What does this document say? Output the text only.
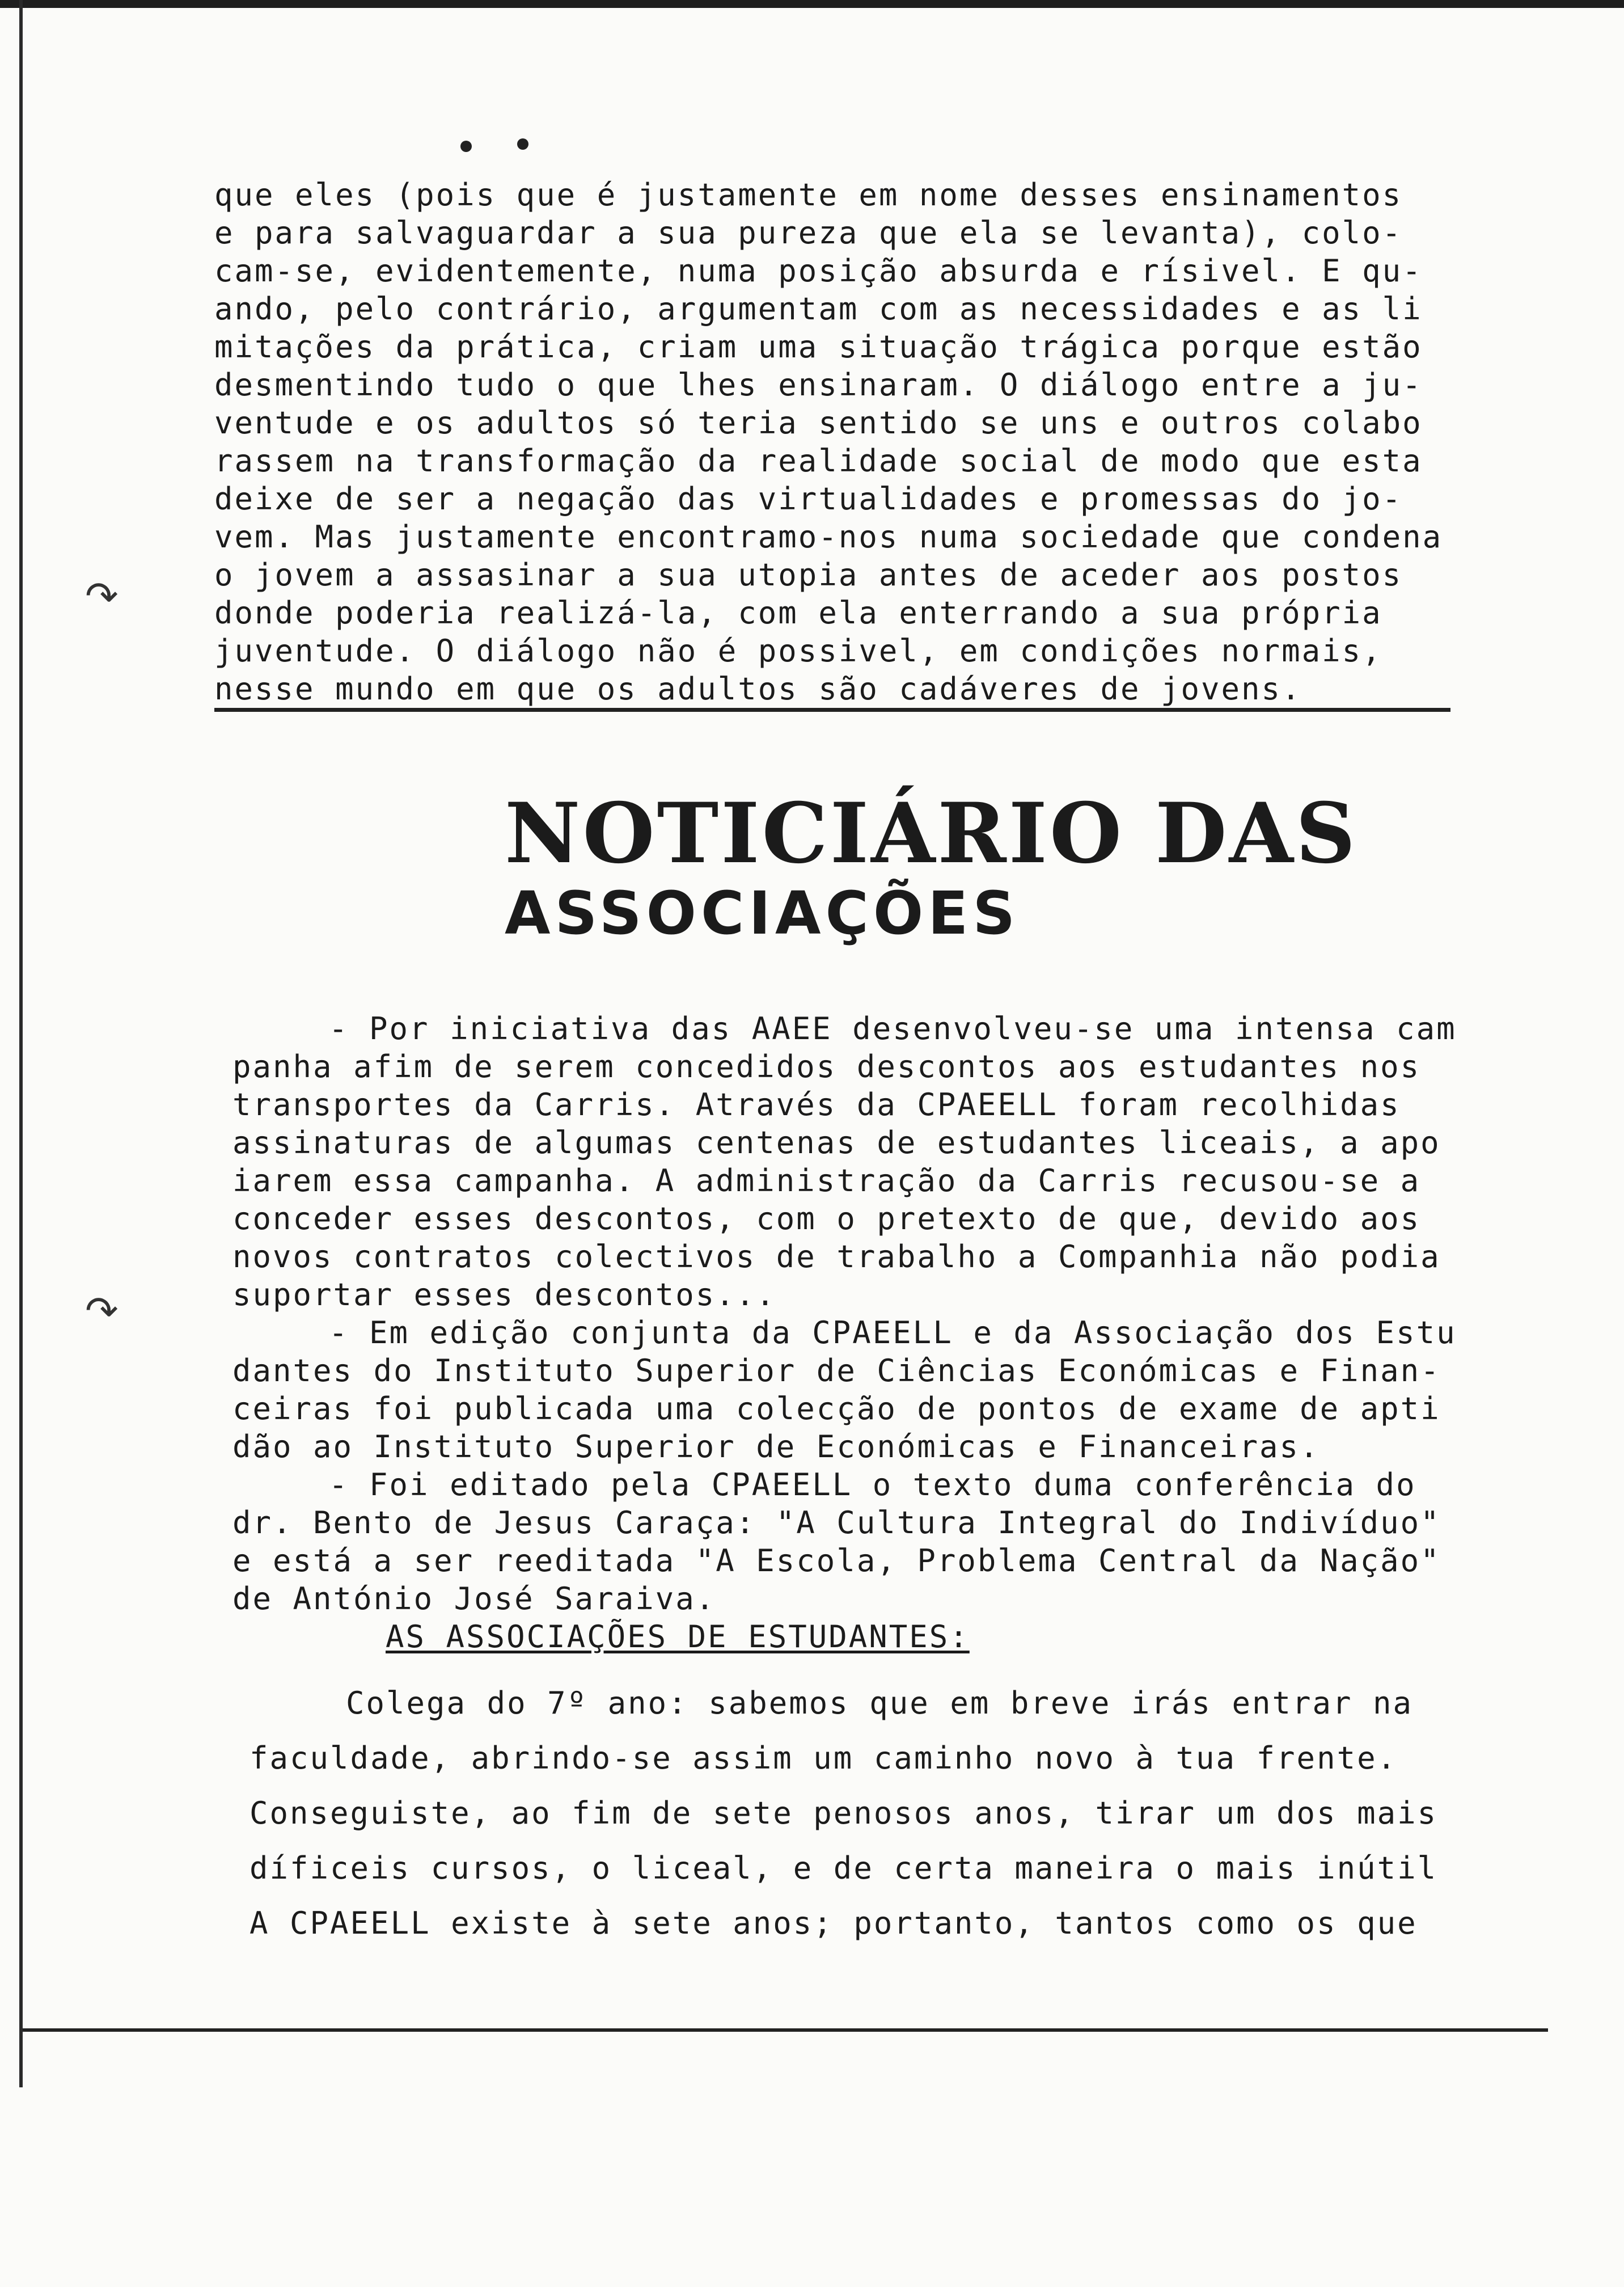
↷
↷
que eles (pois que é justamente em nome desses ensinamentos
e para salvaguardar a sua pureza que ela se levanta), colo-
cam-se, evidentemente, numa posição absurda e rísivel. E qu-
ando, pelo contrário, argumentam com as necessidades e as li
mitações da prática, criam uma situação trágica porque estão
desmentindo tudo o que lhes ensinaram. O diálogo entre a ju-
ventude e os adultos só teria sentido se uns e outros colabo
rassem na transformação da realidade social de modo que esta
deixe de ser a negação das virtualidades e promessas do jo-
vem. Mas justamente encontramo-nos numa sociedade que condena
o jovem a assasinar a sua utopia antes de aceder aos postos
donde poderia realizá-la, com ela enterrando a sua própria
juventude. O diálogo não é possivel, em condições normais,
nesse mundo em que os adultos são cadáveres de jovens.
NOTICIÁRIO DAS
ASSOCIAÇÕES
- Por iniciativa das AAEE desenvolveu-se uma intensa cam
panha afim de serem concedidos descontos aos estudantes nos
transportes da Carris. Através da CPAEELL foram recolhidas
assinaturas de algumas centenas de estudantes liceais, a apo
iarem essa campanha. A administração da Carris recusou-se a
conceder esses descontos, com o pretexto de que, devido aos
novos contratos colectivos de trabalho a Companhia não podia
suportar esses descontos...
- Em edição conjunta da CPAEELL e da Associação dos Estu
dantes do Instituto Superior de Ciências Económicas e Finan-
ceiras foi publicada uma colecção de pontos de exame de apti
dão ao Instituto Superior de Económicas e Financeiras.
- Foi editado pela CPAEELL o texto duma conferência do
dr. Bento de Jesus Caraça: "A Cultura Integral do Indivíduo"
e está a ser reeditada "A Escola, Problema Central da Nação"
de António José Saraiva.
AS ASSOCIAÇÕES DE ESTUDANTES:
Colega do 7º ano: sabemos que em breve irás entrar na
faculdade, abrindo-se assim um caminho novo à tua frente.
Conseguiste, ao fim de sete penosos anos, tirar um dos mais
díficeis cursos, o liceal, e de certa maneira o mais inútil
A CPAEELL existe à sete anos; portanto, tantos como os que
